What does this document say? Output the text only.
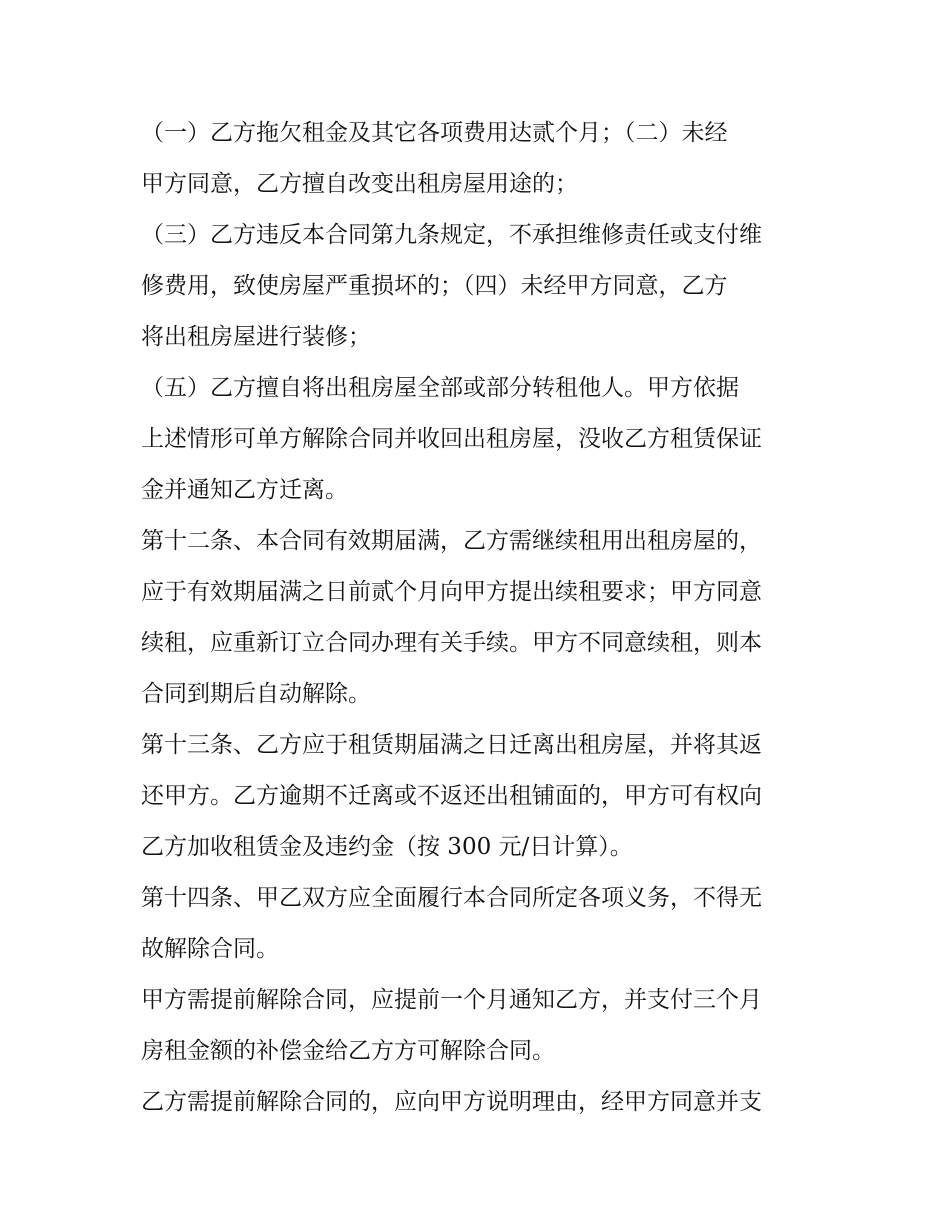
（一）乙方拖欠租金及其它各项费用达贰个月；（二）未经
甲方同意，乙方擅自改变出租房屋用途的；
（三）乙方违反本合同第九条规定，不承担维修责任或支付维
修费用，致使房屋严重损坏的；（四）未经甲方同意，乙方
将出租房屋进行装修；
（五）乙方擅自将出租房屋全部或部分转租他人。甲方依据
上述情形可单方解除合同并收回出租房屋，没收乙方租赁保证
金并通知乙方迁离。
第十二条、本合同有效期届满，乙方需继续租用出租房屋的，
应于有效期届满之日前贰个月向甲方提出续租要求；甲方同意
续租，应重新订立合同办理有关手续。甲方不同意续租，则本
合同到期后自动解除。
第十三条、乙方应于租赁期届满之日迁离出租房屋，并将其返
还甲方。乙方逾期不迁离或不返还出租铺面的，甲方可有权向
乙方加收租赁金及违约金（按 300 元/日计算）。
第十四条、甲乙双方应全面履行本合同所定各项义务，不得无
故解除合同。
甲方需提前解除合同，应提前一个月通知乙方，并支付三个月
房租金额的补偿金给乙方方可解除合同。
乙方需提前解除合同的，应向甲方说明理由，经甲方同意并支
